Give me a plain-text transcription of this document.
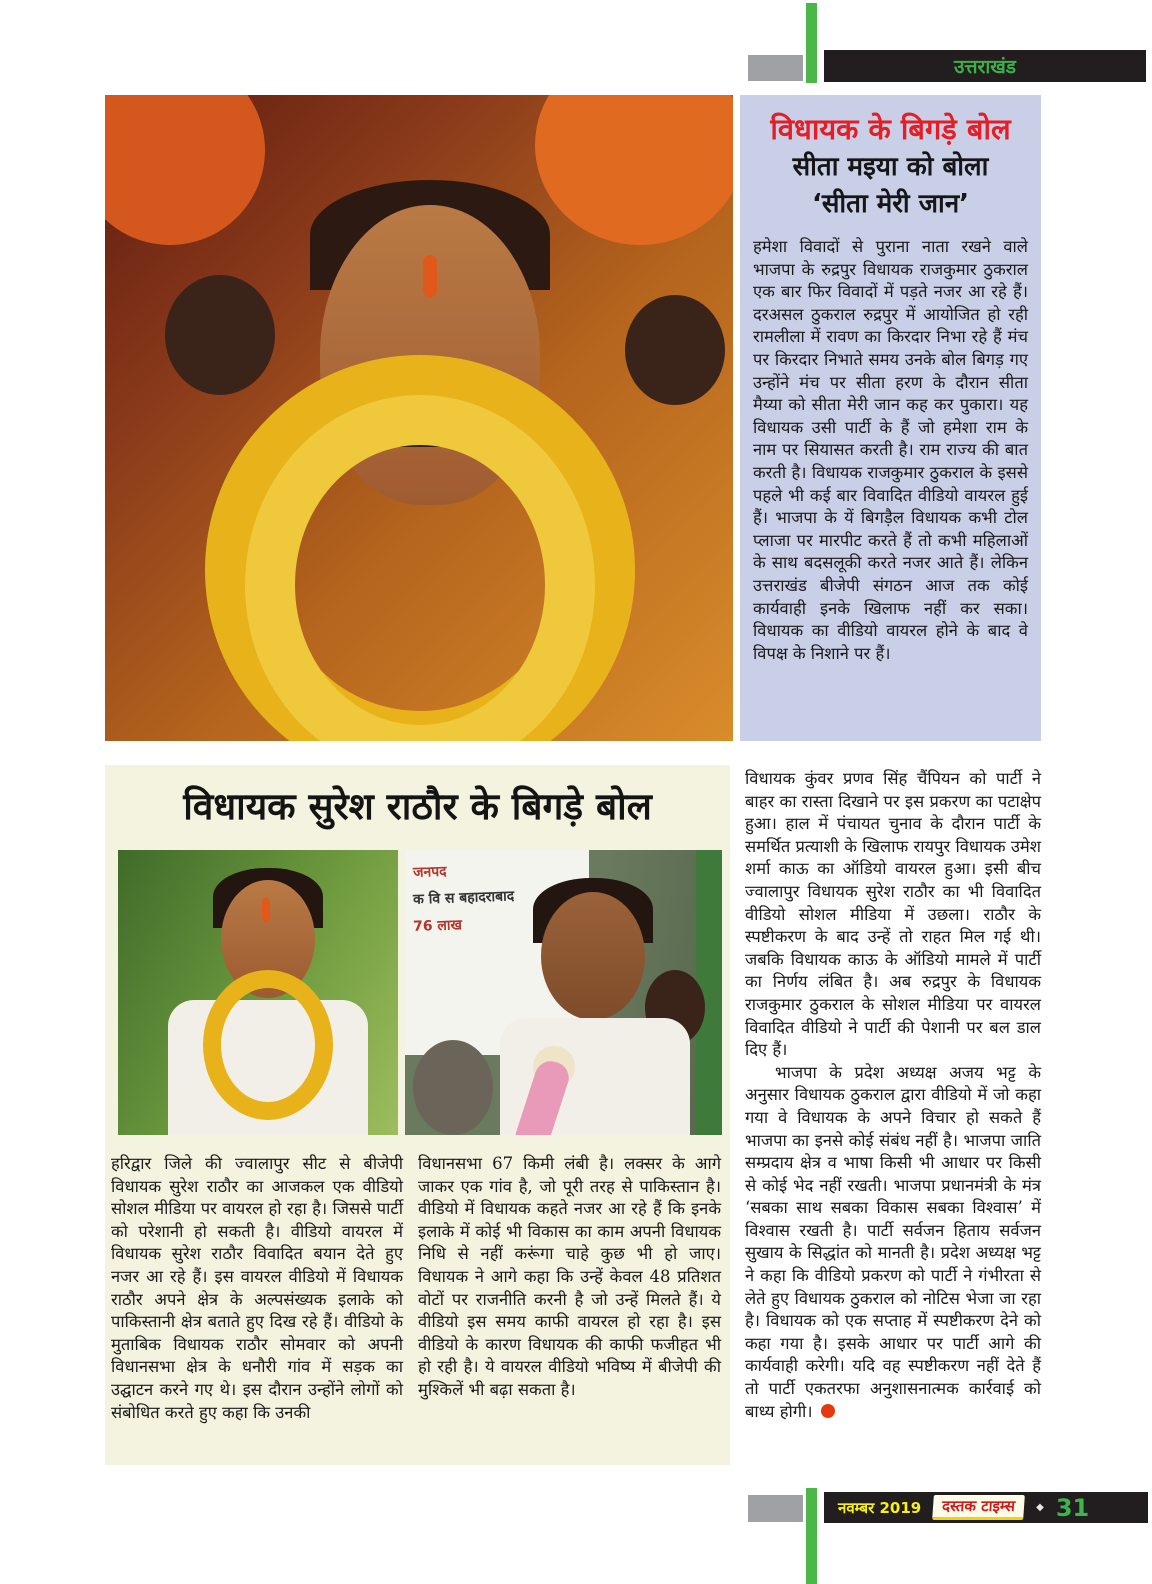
उत्तराखंड
विधायक के बिगड़े बोल
सीता मइया को बोला
‘सीता मेरी जान’
हमेशा विवादों से पुराना नाता रखने वाले भाजपा के रुद्रपुर विधायक राजकुमार ठुकराल एक बार फिर विवादों में पड़ते नजर आ रहे हैं। दरअसल ठुकराल रुद्रपुर में आयोजित हो रही रामलीला में रावण का किरदार निभा रहे हैं मंच पर किरदार निभाते समय उनके बोल बिगड़ गए उन्होंने मंच पर सीता हरण के दौरान सीता मैय्या को सीता मेरी जान कह कर पुकारा। यह विधायक उसी पार्टी के हैं जो हमेशा राम के नाम पर सियासत करती है। राम राज्य की बात करती है। विधायक राजकुमार ठुकराल के इससे पहले भी कई बार विवादित वीडियो वायरल हुई हैं। भाजपा के यें बिगड़ैल विधायक कभी टोल प्लाजा पर मारपीट करते हैं तो कभी महिलाओं के साथ बदसलूकी करते नजर आते हैं। लेकिन उत्तराखंड बीजेपी संगठन आज तक कोई कार्यवाही इनके खिलाफ नहीं कर सका। विधायक का वीडियो वायरल होने के बाद वे विपक्ष के निशाने पर हैं।
विधायक सुरेश राठौर के बिगड़े बोल
जनपद
क वि स बहादराबाद
76 लाख
हरिद्वार जिले की ज्वालापुर सीट से बीजेपी विधायक सुरेश राठौर का आजकल एक वीडियो सोशल मीडिया पर वायरल हो रहा है। जिससे पार्टी को परेशानी हो सकती है। वीडियो वायरल में विधायक सुरेश राठौर विवादित बयान देते हुए नजर आ रहे हैं। इस वायरल वीडियो में विधायक राठौर अपने क्षेत्र के अल्पसंख्यक इलाके को पाकिस्तानी क्षेत्र बताते हुए दिख रहे हैं। वीडियो के मुताबिक विधायक राठौर सोमवार को अपनी विधानसभा क्षेत्र के धनौरी गांव में सड़क का उद्घाटन करने गए थे। इस दौरान उन्होंने लोगों को संबोधित करते हुए कहा कि उनकी
विधानसभा 67 किमी लंबी है। लक्सर के आगे जाकर एक गांव है, जो पूरी तरह से पाकिस्तान है। वीडियो में विधायक कहते नजर आ रहे हैं कि इनके इलाके में कोई भी विकास का काम अपनी विधायक निधि से नहीं करूंगा चाहे कुछ भी हो जाए। विधायक ने आगे कहा कि उन्हें केवल 48 प्रतिशत वोटों पर राजनीति करनी है जो उन्हें मिलते हैं। ये वीडियो इस समय काफी वायरल हो रहा है। इस वीडियो के कारण विधायक की काफी फजीहत भी हो रही है। ये वायरल वीडियो भविष्य में बीजेपी की मुश्किलें भी बढ़ा सकता है।

विधायक कुंवर प्रणव सिंह चैंपियन को पार्टी ने बाहर का रास्ता दिखाने पर इस प्रकरण का पटाक्षेप हुआ। हाल में पंचायत चुनाव के दौरान पार्टी के समर्थित प्रत्याशी के खिलाफ रायपुर विधायक उमेश शर्मा काऊ का ऑडियो वायरल हुआ। इसी बीच ज्वालापुर विधायक सुरेश राठौर का भी विवादित वीडियो सोशल मीडिया में उछला। राठौर के स्पष्टीकरण के बाद उन्हें तो राहत मिल गई थी। जबकि विधायक काऊ के ऑडियो मामले में पार्टी का निर्णय लंबित है। अब रुद्रपुर के विधायक राजकुमार ठुकराल के सोशल मीडिया पर वायरल विवादित वीडियो ने पार्टी की पेशानी पर बल डाल दिए हैं।

भाजपा के प्रदेश अध्यक्ष अजय भट्ट के अनुसार विधायक ठुकराल द्वारा वीडियो में जो कहा गया वे विधायक के अपने विचार हो सकते हैं भाजपा का इनसे कोई संबंध नहीं है। भाजपा जाति सम्प्रदाय क्षेत्र व भाषा किसी भी आधार पर किसी से कोई भेद नहीं रखती। भाजपा प्रधानमंत्री के मंत्र ‘सबका साथ सबका विकास सबका विश्वास’ में विश्वास रखती है। पार्टी सर्वजन हिताय सर्वजन सुखाय के सिद्धांत को मानती है। प्रदेश अध्यक्ष भट्ट ने कहा कि वीडियो प्रकरण को पार्टी ने गंभीरता से लेते हुए विधायक ठुकराल को नोटिस भेजा जा रहा है। विधायक को एक सप्ताह में स्पष्टीकरण देने को कहा गया है। इसके आधार पर पार्टी आगे की कार्यवाही करेगी। यदि वह स्पष्टीकरण नहीं देते हैं तो पार्टी एकतरफा अनुशासनात्मक कार्रवाई को बाध्य होगी।

नवम्बर 2019	दस्तक टाइम्स	◆ 31
